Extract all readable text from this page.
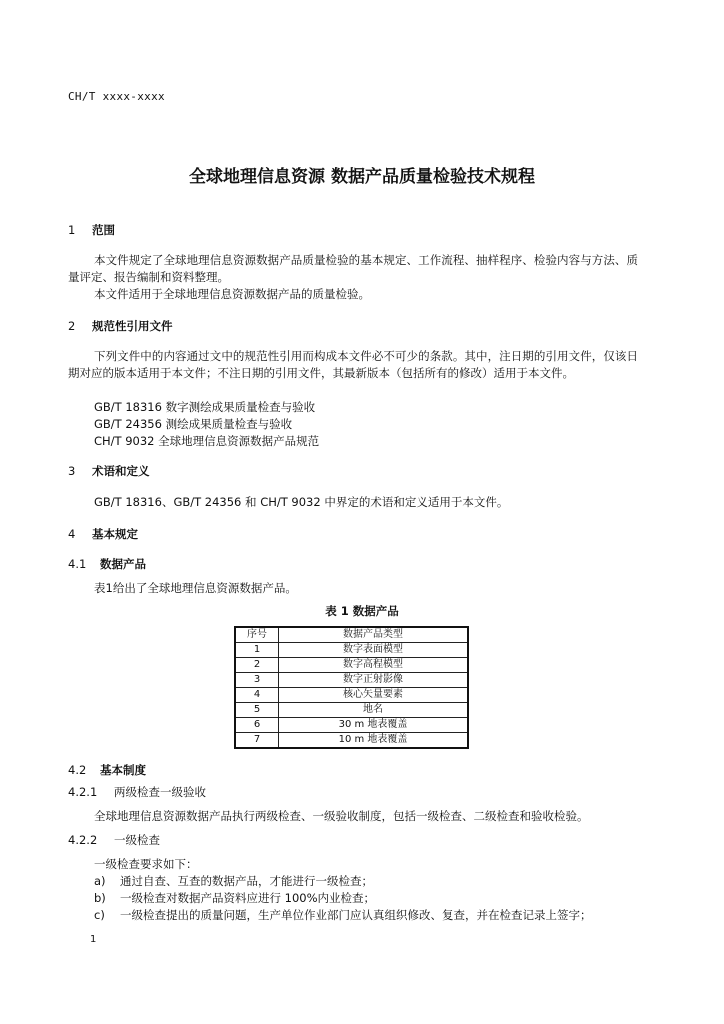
CH/T xxxx-xxxx
全球地理信息资源 数据产品质量检验技术规程
1 范围
本文件规定了全球地理信息资源数据产品质量检验的基本规定、工作流程、抽样程序、检验内容与方法、质量评定、报告编制和资料整理。
本文件适用于全球地理信息资源数据产品的质量检验。
2 规范性引用文件
下列文件中的内容通过文中的规范性引用而构成本文件必不可少的条款。其中，注日期的引用文件，仅该日期对应的版本适用于本文件；不注日期的引用文件，其最新版本（包括所有的修改）适用于本文件。
GB/T 18316 数字测绘成果质量检查与验收
GB/T 24356 测绘成果质量检查与验收
CH/T 9032 全球地理信息资源数据产品规范
3 术语和定义
GB/T 18316、GB/T 24356 和 CH/T 9032 中界定的术语和定义适用于本文件。
4 基本规定
4.1 数据产品
表1给出了全球地理信息资源数据产品。
表 1 数据产品
序号	数据产品类型
1	数字表面模型
2	数字高程模型
3	数字正射影像
4	核心矢量要素
5	地名
6	30 m 地表覆盖
7	10 m 地表覆盖
4.2 基本制度
4.2.1 两级检查一级验收
全球地理信息资源数据产品执行两级检查、一级验收制度，包括一级检查、二级检查和验收检验。
4.2.2 一级检查
一级检查要求如下：
a) 通过自查、互查的数据产品，才能进行一级检查；
b) 一级检查对数据产品资料应进行 100%内业检查；
c) 一级检查提出的质量问题，生产单位作业部门应认真组织修改、复查，并在检查记录上签字；
1
